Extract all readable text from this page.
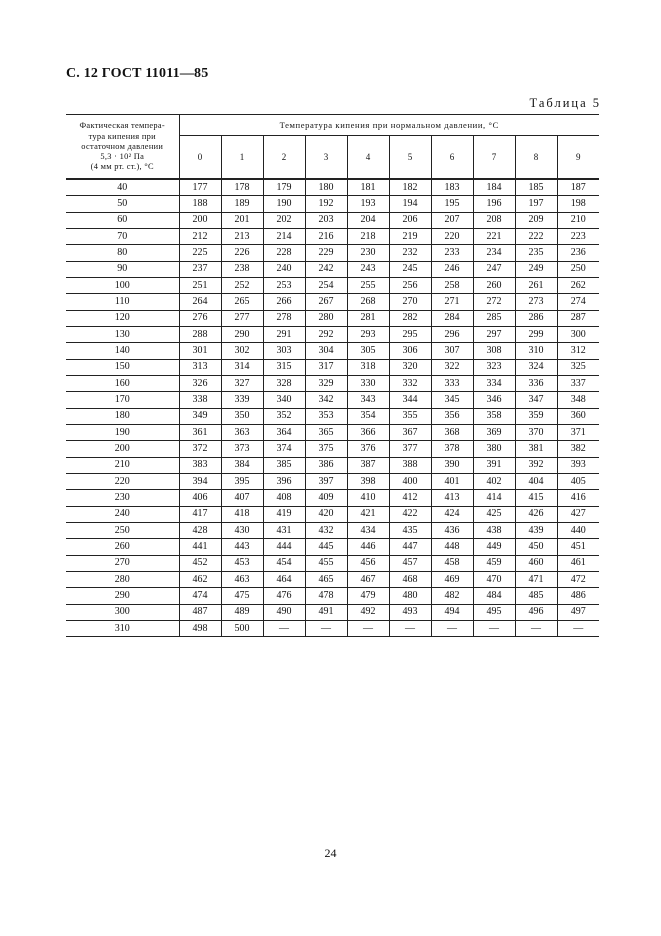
С. 12 ГОСТ 11011—85
Таблица 5
Фактическая темпера-
тура кипения при
остаточном давлении
5,3 · 10² Па
(4 мм рт. ст.), °С	Температура кипения при нормальном давлении, °С									
	0	1	2	3	4	5	6	7	8	9
40	177	178	179	180	181	182	183	184	185	187
50	188	189	190	192	193	194	195	196	197	198
60	200	201	202	203	204	206	207	208	209	210
70	212	213	214	216	218	219	220	221	222	223
80	225	226	228	229	230	232	233	234	235	236
90	237	238	240	242	243	245	246	247	249	250
100	251	252	253	254	255	256	258	260	261	262
110	264	265	266	267	268	270	271	272	273	274
120	276	277	278	280	281	282	284	285	286	287
130	288	290	291	292	293	295	296	297	299	300
140	301	302	303	304	305	306	307	308	310	312
150	313	314	315	317	318	320	322	323	324	325
160	326	327	328	329	330	332	333	334	336	337
170	338	339	340	342	343	344	345	346	347	348
180	349	350	352	353	354	355	356	358	359	360
190	361	363	364	365	366	367	368	369	370	371
200	372	373	374	375	376	377	378	380	381	382
210	383	384	385	386	387	388	390	391	392	393
220	394	395	396	397	398	400	401	402	404	405
230	406	407	408	409	410	412	413	414	415	416
240	417	418	419	420	421	422	424	425	426	427
250	428	430	431	432	434	435	436	438	439	440
260	441	443	444	445	446	447	448	449	450	451
270	452	453	454	455	456	457	458	459	460	461
280	462	463	464	465	467	468	469	470	471	472
290	474	475	476	478	479	480	482	484	485	486
300	487	489	490	491	492	493	494	495	496	497
310	498	500	—	—	—	—	—	—	—	—
24
